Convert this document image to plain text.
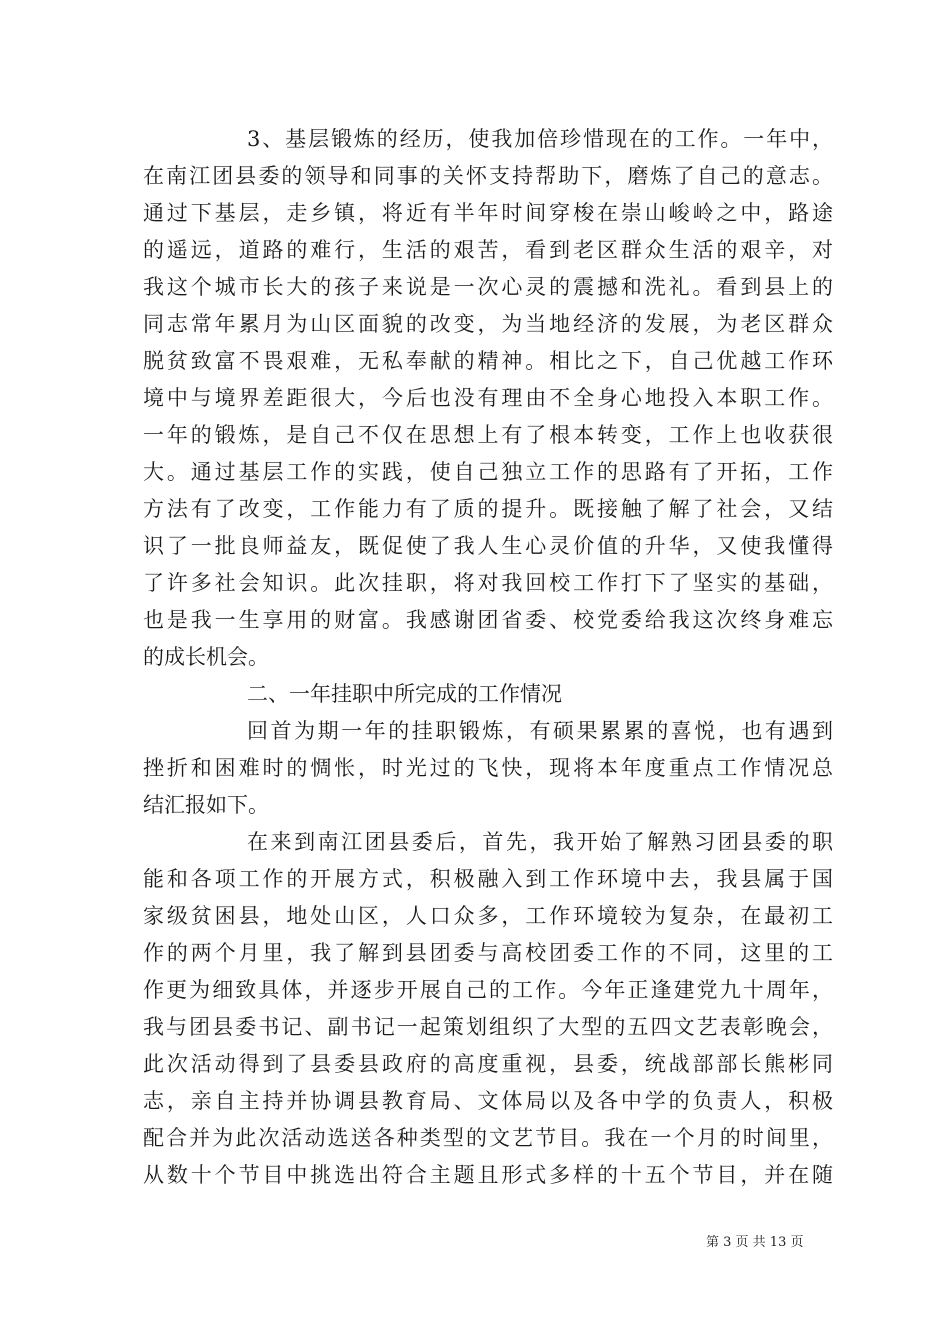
3、基层锻炼的经历，使我加倍珍惜现在的工作。一年中，
在南江团县委的领导和同事的关怀支持帮助下，磨炼了自己的意志。
通过下基层，走乡镇，将近有半年时间穿梭在崇山峻岭之中，路途
的遥远，道路的难行，生活的艰苦，看到老区群众生活的艰辛，对
我这个城市长大的孩子来说是一次心灵的震撼和洗礼。看到县上的
同志常年累月为山区面貌的改变，为当地经济的发展，为老区群众
脱贫致富不畏艰难，无私奉献的精神。相比之下，自己优越工作环
境中与境界差距很大，今后也没有理由不全身心地投入本职工作。
一年的锻炼，是自己不仅在思想上有了根本转变，工作上也收获很
大。通过基层工作的实践，使自己独立工作的思路有了开拓，工作
方法有了改变，工作能力有了质的提升。既接触了解了社会，又结
识了一批良师益友，既促使了我人生心灵价值的升华，又使我懂得
了许多社会知识。此次挂职，将对我回校工作打下了坚实的基础，
也是我一生享用的财富。我感谢团省委、校党委给我这次终身难忘
的成长机会。
二、一年挂职中所完成的工作情况
回首为期一年的挂职锻炼，有硕果累累的喜悦，也有遇到
挫折和困难时的惆怅，时光过的飞快，现将本年度重点工作情况总
结汇报如下。
在来到南江团县委后，首先，我开始了解熟习团县委的职
能和各项工作的开展方式，积极融入到工作环境中去，我县属于国
家级贫困县，地处山区，人口众多，工作环境较为复杂，在最初工
作的两个月里，我了解到县团委与高校团委工作的不同，这里的工
作更为细致具体，并逐步开展自己的工作。今年正逢建党九十周年，
我与团县委书记、副书记一起策划组织了大型的五四文艺表彰晚会，
此次活动得到了县委县政府的高度重视，县委，统战部部长熊彬同
志，亲自主持并协调县教育局、文体局以及各中学的负责人，积极
配合并为此次活动选送各种类型的文艺节目。我在一个月的时间里，
从数十个节目中挑选出符合主题且形式多样的十五个节目，并在随
第 3 页 共 13 页
